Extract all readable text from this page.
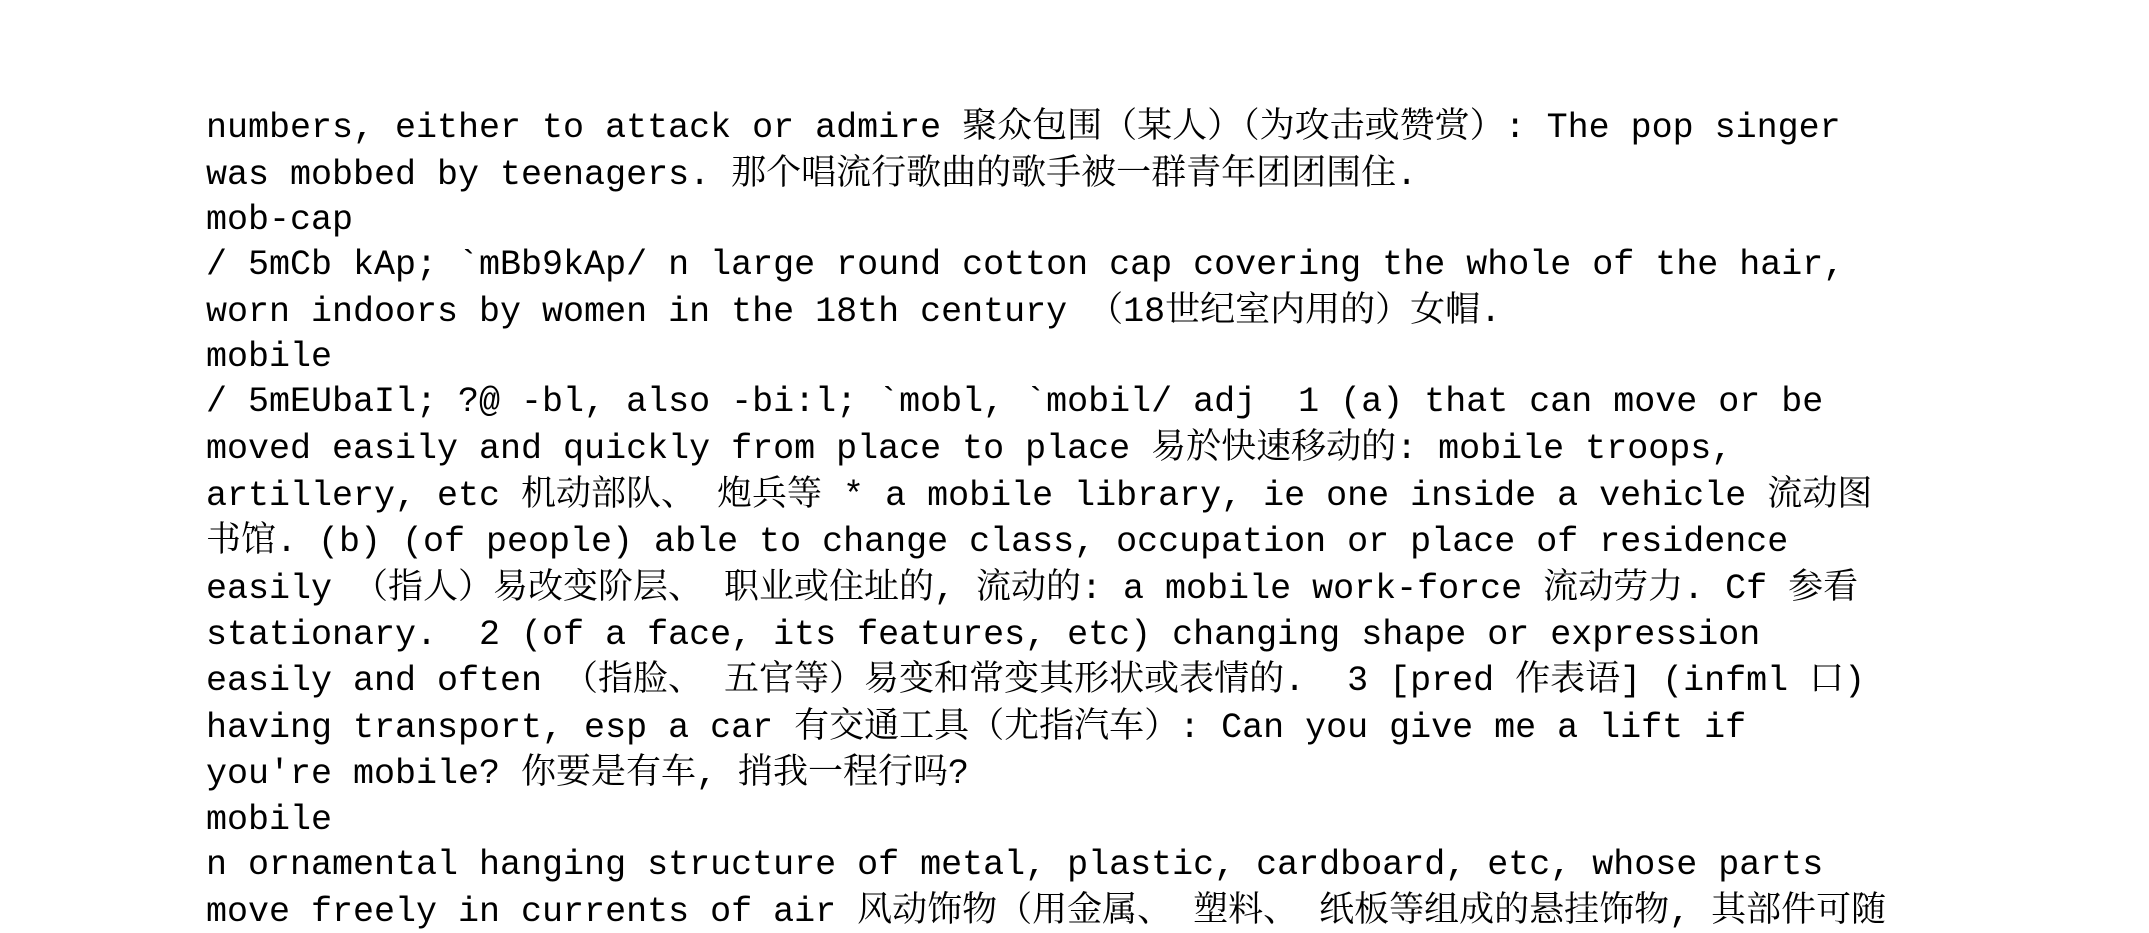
numbers, either to attack or admire 聚众包围（某人）（为攻击或赞赏）: The pop singer
was mobbed by teenagers. 那个唱流行歌曲的歌手被一群青年团团围住.
mob-cap
/ 5mCb kAp; `mBb9kAp/ n large round cotton cap covering the whole of the hair,
worn indoors by women in the 18th century （18世纪室内用的）女帽.
mobile
/ 5mEUbaIl; ?@ -bl, also -bi:l; `mobl, `mobil/ adj  1 (a) that can move or be
moved easily and quickly from place to place 易於快速移动的: mobile troops,
artillery, etc 机动部队、 炮兵等 * a mobile library, ie one inside a vehicle 流动图
书馆. (b) (of people) able to change class, occupation or place of residence
easily （指人）易改变阶层、 职业或住址的, 流动的: a mobile work-force 流动劳力. Cf 参看
stationary.  2 (of a face, its features, etc) changing shape or expression
easily and often （指脸、 五官等）易变和常变其形状或表情的.  3 [pred 作表语] (infml 口)
having transport, esp a car 有交通工具（尤指汽车）: Can you give me a lift if
you're mobile? 你要是有车, 捎我一程行吗?
mobile
n ornamental hanging structure of metal, plastic, cardboard, etc, whose parts
move freely in currents of air 风动饰物（用金属、 塑料、 纸板等组成的悬挂饰物, 其部件可随
